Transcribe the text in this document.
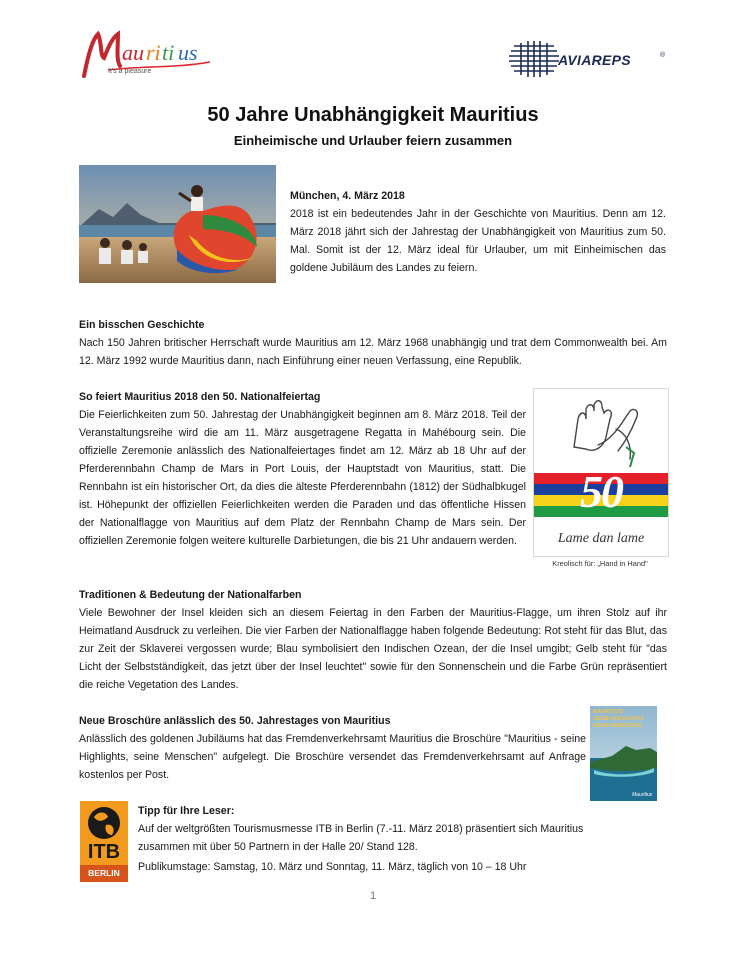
au ri ti us
It's a pleasure
AVIAREPS	®
50 Jahre Unabhängigkeit Mauritius
Einheimische und Urlauber feiern zusammen

München, 4. März 2018

2018 ist ein bedeutendes Jahr in der Geschichte von Mauritius. Denn am 12. März 2018 jährt sich der Jahrestag der Unabhängigkeit von Mauritius zum 50. Mal. Somit ist der 12. März ideal für Urlauber, um mit Einheimischen das goldene Jubiläum des Landes zu feiern.

Ein bisschen Geschichte

Nach 150 Jahren britischer Herrschaft wurde Mauritius am 12. März 1968 unabhängig und trat dem Commonwealth bei. Am 12. März 1992 wurde Mauritius dann, nach Einführung einer neuen Verfassung, eine Republik.

So feiert Mauritius 2018 den 50. Nationalfeiertag

Die Feierlichkeiten zum 50. Jahrestag der Unabhängigkeit beginnen am 8. März 2018. Teil der Veranstaltungsreihe wird die am 11. März ausgetragene Regatta in Mahébourg sein. Die offizielle Zeremonie anlässlich des Nationalfeiertages findet am 12. März ab 18 Uhr auf der Pferderennbahn Champ de Mars in Port Louis, der Hauptstadt von Mauritius, statt. Die Rennbahn ist ein historischer Ort, da dies die älteste Pferderennbahn (1812) der Südhalbkugel ist. Höhepunkt der offiziellen Feierlichkeiten werden die Paraden und das öffentliche Hissen der Nationalflagge von Mauritius auf dem Platz der Rennbahn Champ de Mars sein. Der offiziellen Zeremonie folgen weitere kulturelle Darbietungen, die bis 21 Uhr andauern werden.

50
Lame dan lame
Kreolisch für: „Hand in Hand"

Traditionen & Bedeutung der Nationalfarben

Viele Bewohner der Insel kleiden sich an diesem Feiertag in den Farben der Mauritius-Flagge, um ihren Stolz auf ihr Heimatland Ausdruck zu verleihen. Die vier Farben der Nationalflagge haben folgende Bedeutung: Rot steht für das Blut, das zur Zeit der Sklaverei vergossen wurde; Blau symbolisiert den Indischen Ozean, der die Insel umgibt; Gelb steht für "das Licht der Selbstständigkeit, das jetzt über der Insel leuchtet" sowie für den Sonnenschein und die Farbe Grün repräsentiert die reiche Vegetation des Landes.

Neue Broschüre anlässlich des 50. Jahrestages von Mauritius

Anlässlich des goldenen Jubiläums hat das Fremdenverkehrsamt Mauritius die Broschüre "Mauritius - seine Highlights, seine Menschen" aufgelegt. Die Broschüre versendet das Fremdenverkehrsamt auf Anfrage kostenlos per Post.

MAURITIUS
SEINE HIGHLIGHTS
SEINE MENSCHEN
Mauritius
ITB
BERLIN

Tipp für Ihre Leser:

Auf der weltgrößten Tourismusmesse ITB in Berlin (7.-11. März 2018) präsentiert sich Mauritius zusammen mit über 50 Partnern in der Halle 20/ Stand 128.

Publikumstage: Samstag, 10. März und Sonntag, 11. März, täglich von 10 – 18 Uhr

1
